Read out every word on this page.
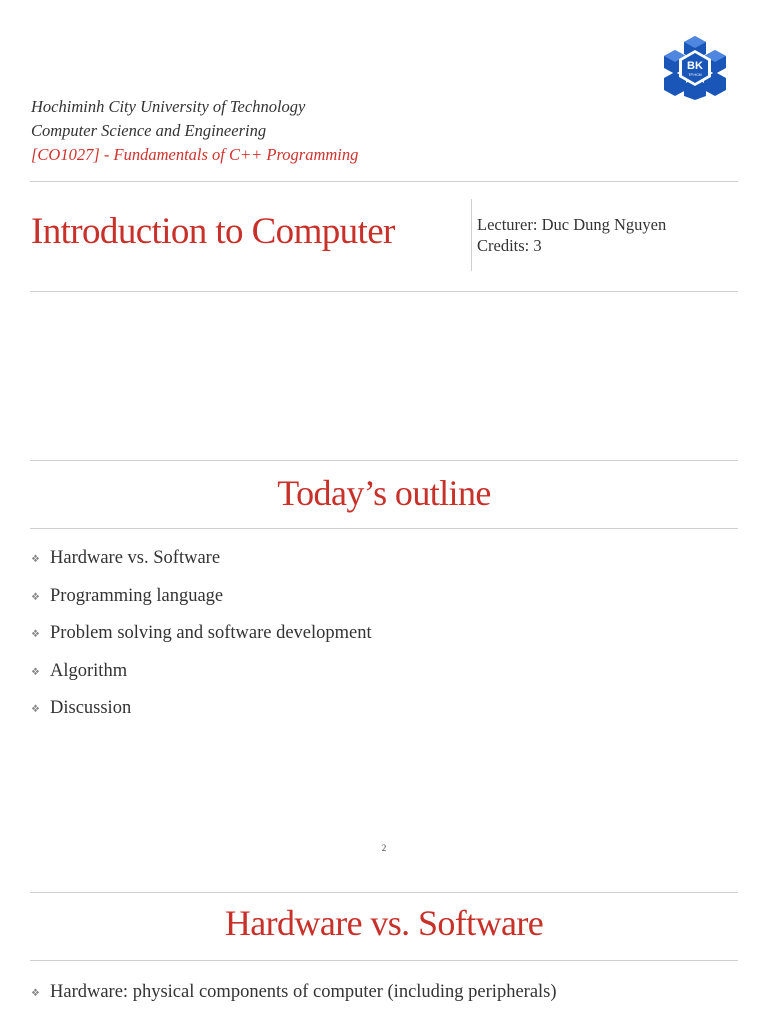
Hochiminh City University of Technology
Computer Science and Engineering
[CO1027] - Fundamentals of C++ Programming
BK
TP.HCM
Introduction to Computer	Lecturer: Duc Dung Nguyen
Credits: 3
Today’s outline
❖ Hardware vs. Software
❖ Programming language
❖ Problem solving and software development
❖ Algorithm
❖ Discussion
2
Hardware vs. Software
❖ Hardware: physical components of computer (including peripherals)
